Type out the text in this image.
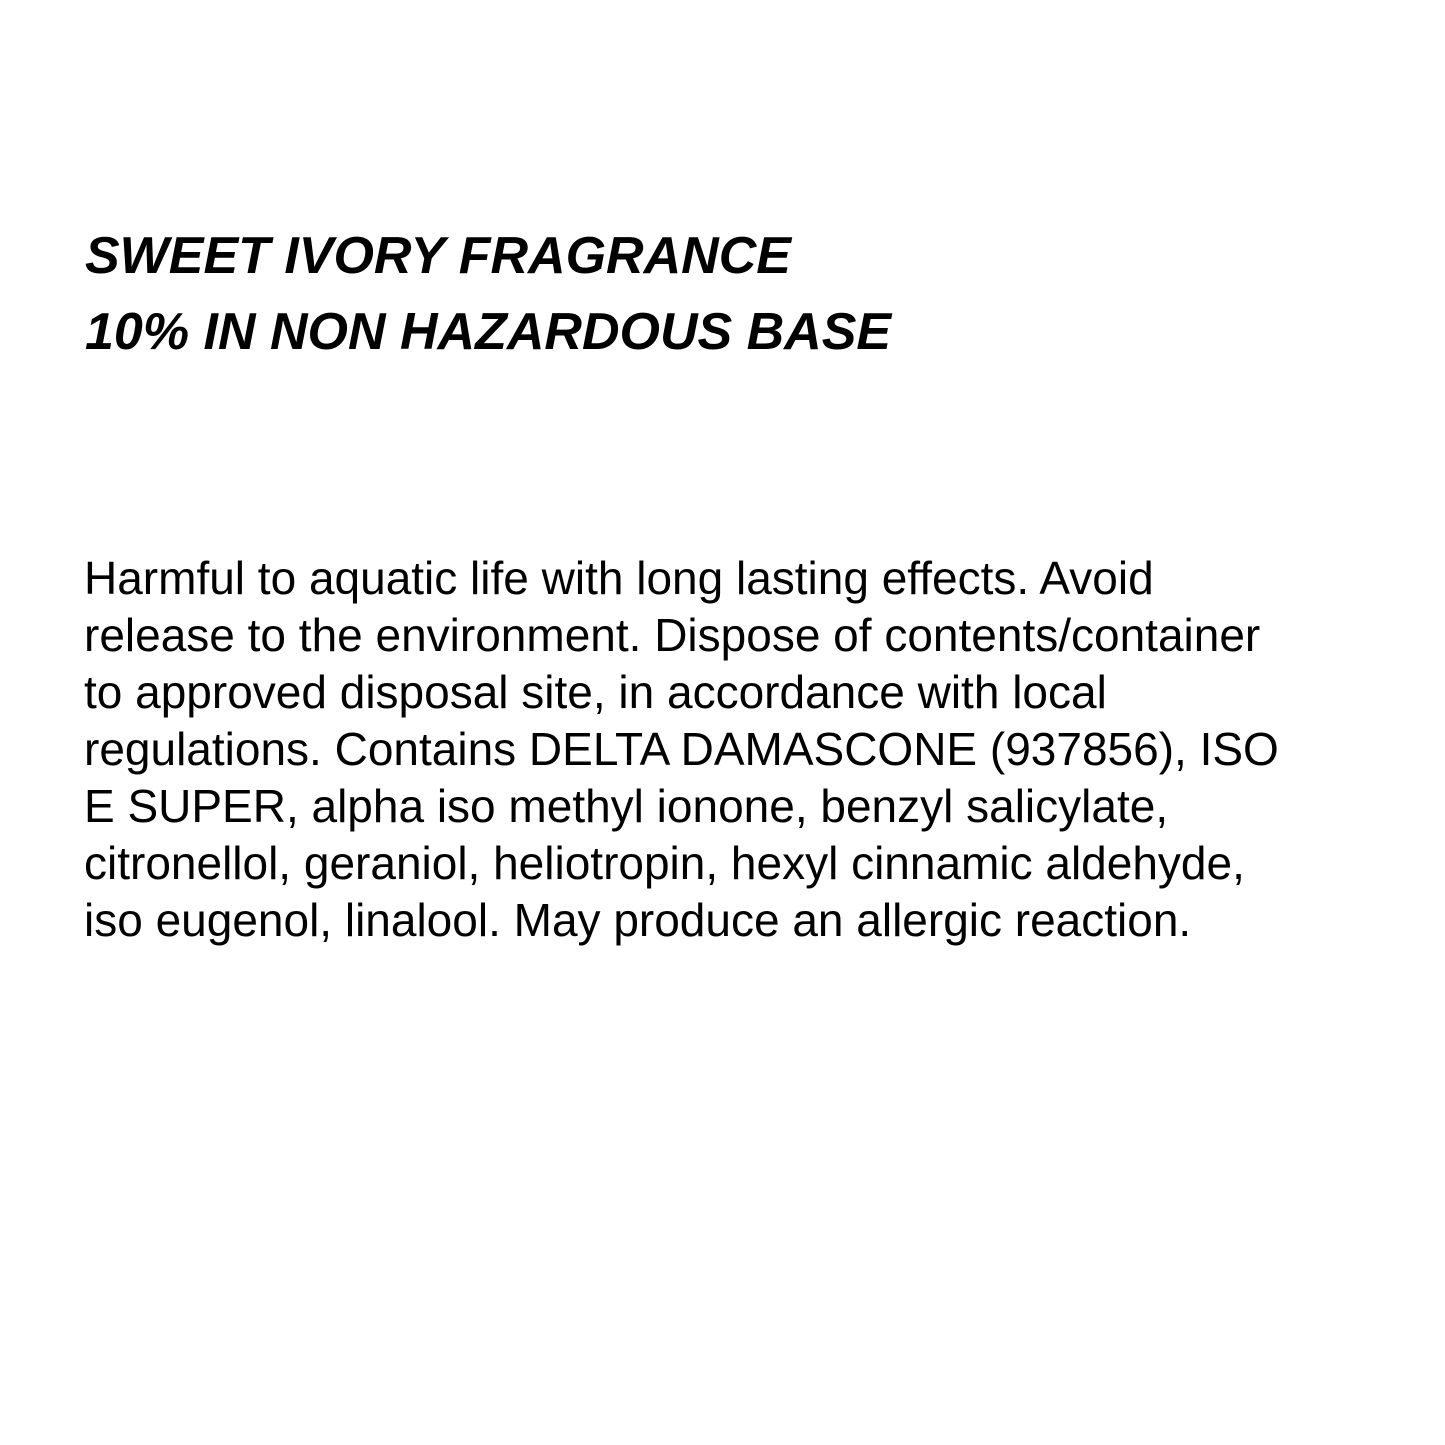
SWEET IVORY FRAGRANCE
10% IN NON HAZARDOUS BASE

Harmful to aquatic life with long lasting effects. Avoid release to the environment. Dispose of contents/container to approved disposal site, in accordance with local regulations. Contains DELTA DAMASCONE (937856), ISO E SUPER, alpha iso methyl ionone, benzyl salicylate, citronellol, geraniol, heliotropin, hexyl cinnamic aldehyde, iso eugenol, linalool. May produce an allergic reaction.
